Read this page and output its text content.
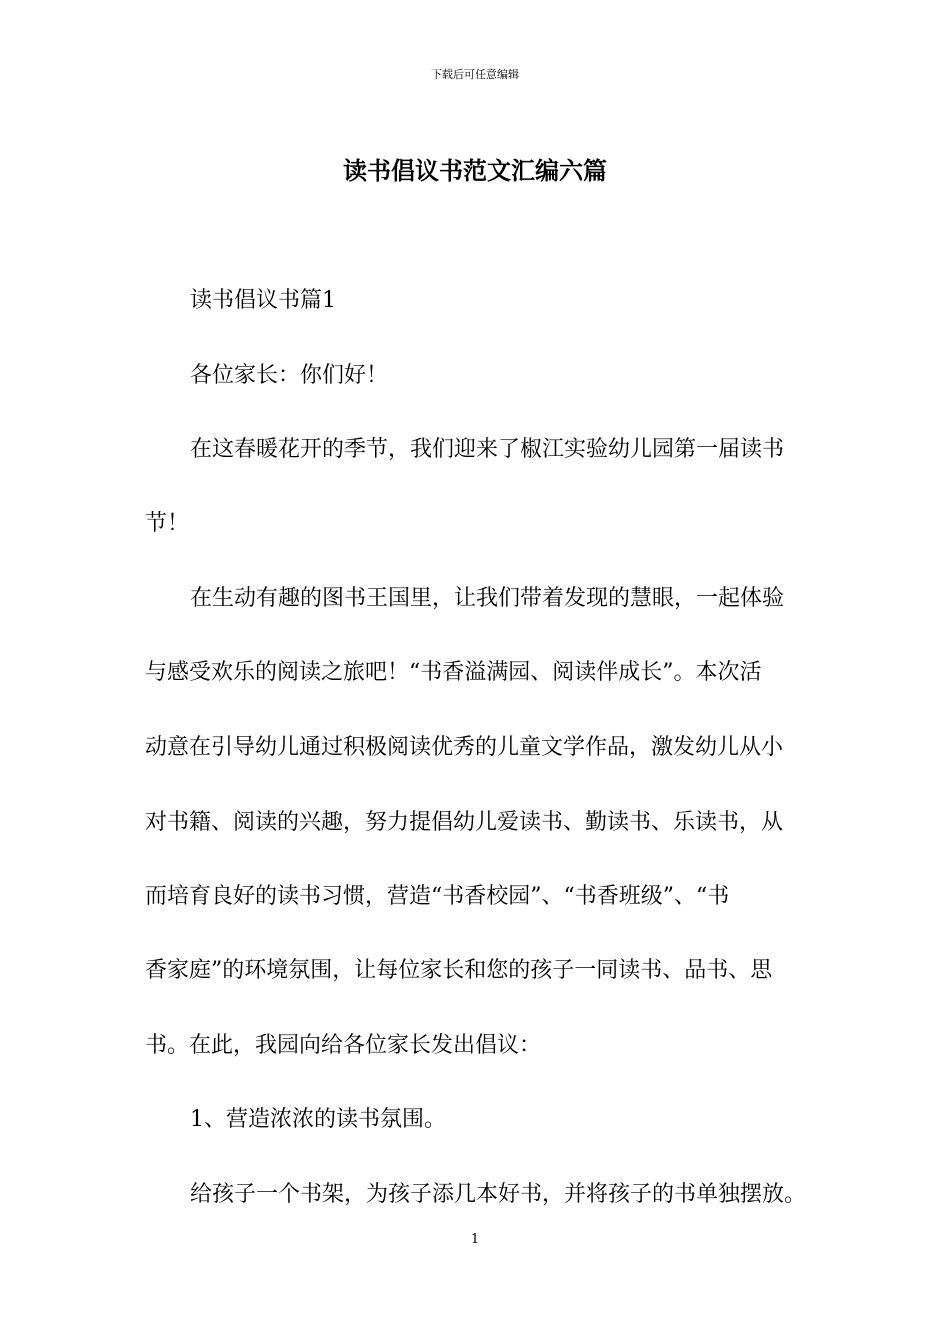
下载后可任意编辑
读书倡议书范文汇编六篇
读书倡议书篇1
各位家长：你们好！
在这春暖花开的季节，我们迎来了椒江实验幼儿园第一届读书
节！
在生动有趣的图书王国里，让我们带着发现的慧眼，一起体验
与感受欢乐的阅读之旅吧！“书香溢满园、阅读伴成长”。本次活
动意在引导幼儿通过积极阅读优秀的儿童文学作品，激发幼儿从小
对书籍、阅读的兴趣，努力提倡幼儿爱读书、勤读书、乐读书，从
而培育良好的读书习惯，营造“书香校园”、“书香班级”、“书
香家庭”的环境氛围，让每位家长和您的孩子一同读书、品书、思
书。在此，我园向给各位家长发出倡议：
1、营造浓浓的读书氛围。
给孩子一个书架，为孩子添几本好书，并将孩子的书单独摆放。
1
